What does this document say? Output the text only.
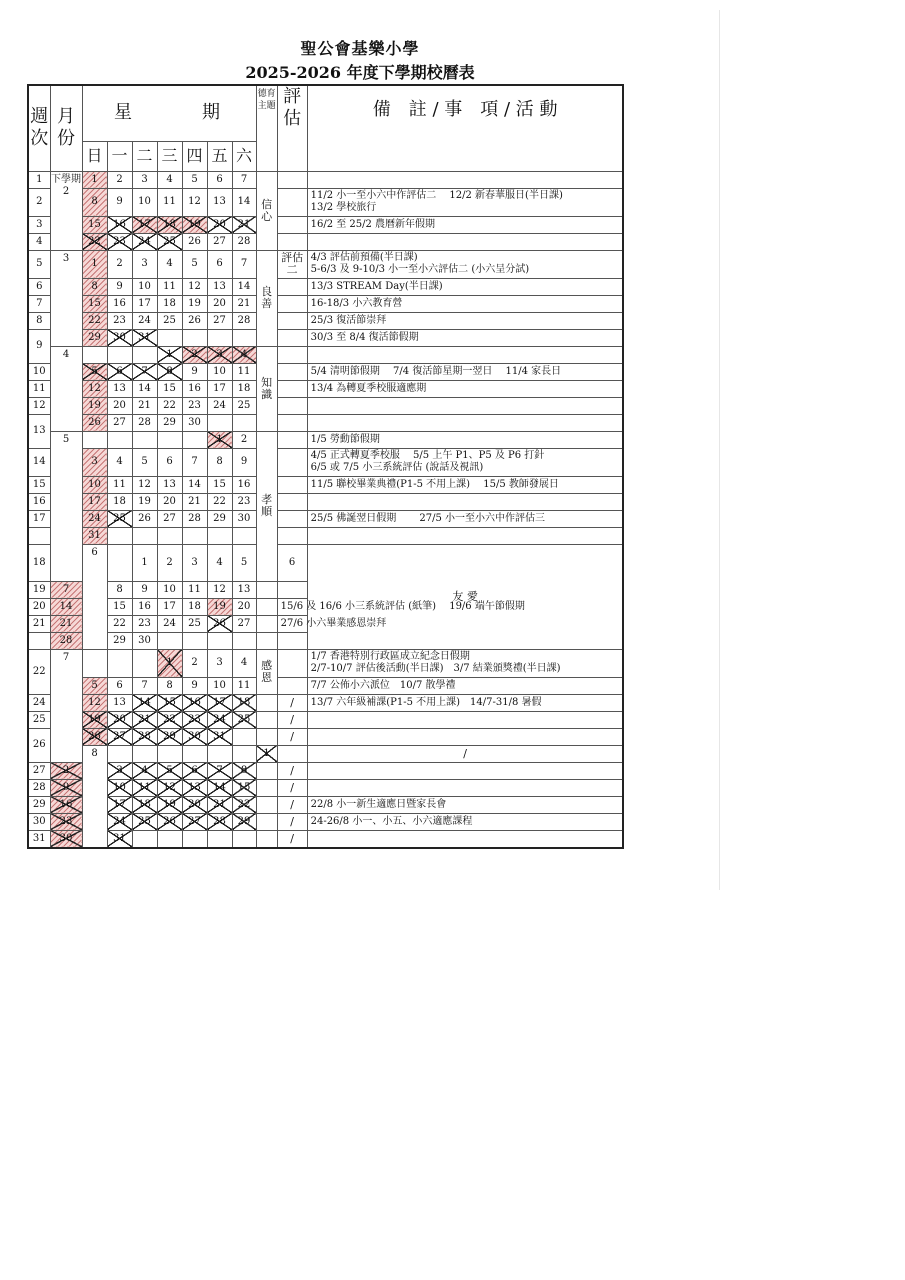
聖公會基樂小學
2025-2026 年度下學期校曆表
週次	月份	星　　　期							德育主題	評估	備　註 / 事　項 / 活 動	
		日	一	二	三	四	五	六				
1	下學期 2	1	2	3	4	5	6	7	信 心			
2		8	9	10	11	12	13	14			11/2 小一至小六中作評估二　 12/2 新春華服日(半日課)
13/2 學校旅行	

3		15	16	17	18	19	20	21			16/2 至 25/2 農曆新年假期	

4		22	23	24	25	26	27	28				
5	3	1	2	3	4	5	6	7	良 善	評估 二	4/3 評估前預備(半日課)
5-6/3 及 9-10/3 小一至小六評估二 (小六呈分試)	

6		8	9	10	11	12	13	14			13/3 STREAM Day(半日課)	

7		15	16	17	18	19	20	21			16-18/3 小六教育營	

8		22	23	24	25	26	27	28			25/3 復活節崇拜	

9		29	30	31							30/3 至 8/4 復活節假期	

	4				1	2	3	4	知 識			
10		5	6	7	8	9	10	11			5/4 清明節假期　 7/4 復活節星期一翌日　 11/4 家長日	

11		12	13	14	15	16	17	18			13/4 為轉夏季校服適應期	

12		19	20	21	22	23	24	25				
13		26	27	28	29	30						
	5						1	2	孝 順		1/5 勞動節假期	

14		3	4	5	6	7	8	9			4/5 正式轉夏季校服　 5/5 上午 P1、P5 及 P6 打針
6/5 或 7/5 小三系統評估 (說話及視訊)	

15		10	11	12	13	14	15	16			11/5 聯校畢業典禮(P1-5 不用上課)　 15/5 教師發展日	

16		17	18	19	20	21	22	23				
17		24	25	26	27	28	29	30			25/5 佛誕翌日假期　　 27/5 小一至小六中作評估三	

		31										
18		6		1	2	3	4	5		6	友 愛		

19	7		8	9	10	11	12	13				
20	14		15	16	17	18	19	20		15/6 及 16/6 小三系統評估 (紙筆)　 19/6 端午節假期		

21	21		22	23	24	25	26	27		27/6 小六畢業感恩崇拜		

	28		29	30								
22	7				1	2	3	4	感 恩		1/7 香港特別行政區成立紀念日假期
2/7-10/7 評估後活動(半日課)　3/7 結業頒獎禮(半日課)	

		5	6	7	8	9	10	11			7/7 公佈小六派位　10/7 散學禮	

24		12	13	14	15	16	17	18		/	13/7 六年級補課(P1-5 不用上課)　14/7-31/8 暑假	

25		19	20	21	22	23	24	25		/		
26		26	27	28	29	30	31			/		
		8							1		/	
27	2		3	4	5	6	7	8		/		
28	9		10	11	12	13	14	15		/		
29	16		17	18	19	20	21	22		/	22/8 小一新生適應日暨家長會	

30	23		24	25	26	27	28	29		/	24-26/8 小一、小五、小六適應課程	

31	30		31							/		
